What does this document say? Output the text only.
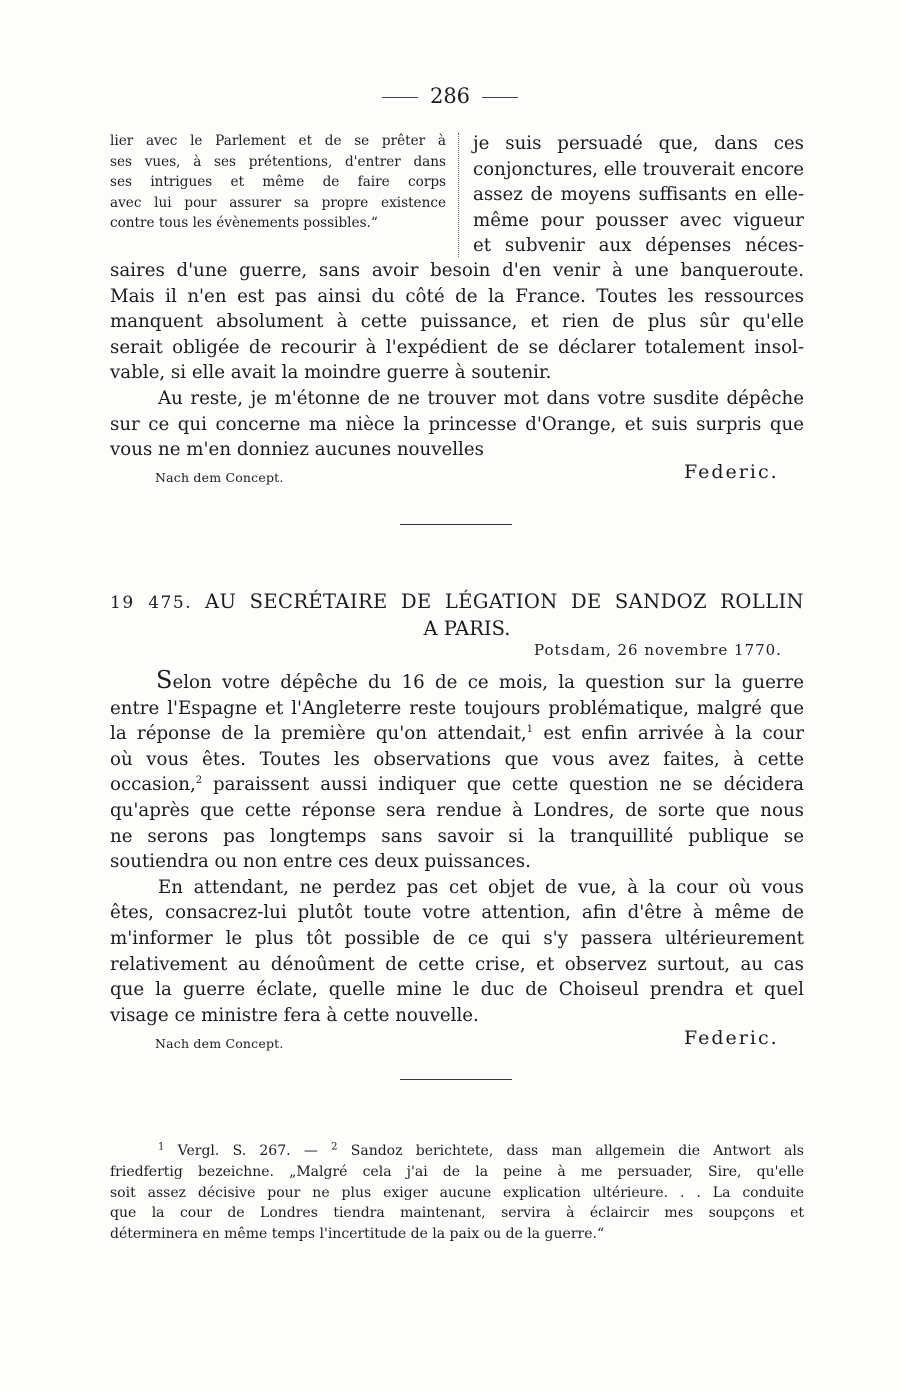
286
lier avec le Parlement et de se prêter à
ses vues, à ses prétentions, d'entrer dans
ses intrigues et même de faire corps
avec lui pour assurer sa propre existence
contre tous les évènements possibles.“
je suis persuadé que, dans ces
conjonctures, elle trouverait encore
assez de moyens suffisants en elle-
même pour pousser avec vigueur
et subvenir aux dépenses néces-
saires d'une guerre, sans avoir besoin d'en venir à une banqueroute.
Mais il n'en est pas ainsi du côté de la France. Toutes les ressources
manquent absolument à cette puissance, et rien de plus sûr qu'elle
serait obligée de recourir à l'expédient de se déclarer totalement insol-
vable, si elle avait la moindre guerre à soutenir.
Au reste, je m'étonne de ne trouver mot dans votre susdite dépêche
sur ce qui concerne ma nièce la princesse d'Orange, et suis surpris que
vous ne m'en donniez aucunes nouvelles
Nach dem Concept.	Federic.
19 475. AU SECRÉTAIRE DE LÉGATION DE SANDOZ ROLLIN
A PARIS.
Potsdam, 26 novembre 1770.
Selon votre dépêche du 16 de ce mois, la question sur la guerre
entre l'Espagne et l'Angleterre reste toujours problématique, malgré que
la réponse de la première qu'on attendait,$^1$ est enfin arrivée à la cour
où vous êtes. Toutes les observations que vous avez faites, à cette
occasion,$^2$ paraissent aussi indiquer que cette question ne se décidera
qu'après que cette réponse sera rendue à Londres, de sorte que nous
ne serons pas longtemps sans savoir si la tranquillité publique se
soutiendra ou non entre ces deux puissances.
En attendant, ne perdez pas cet objet de vue, à la cour où vous
êtes, consacrez-lui plutôt toute votre attention, afin d'être à même de
m'informer le plus tôt possible de ce qui s'y passera ultérieurement
relativement au dénoûment de cette crise, et observez surtout, au cas
que la guerre éclate, quelle mine le duc de Choiseul prendra et quel
visage ce ministre fera à cette nouvelle.
Nach dem Concept.	Federic.
$^1$ Vergl. S. 267. — $^2$ Sandoz berichtete, dass man allgemein die Antwort als
friedfertig bezeichne. „Malgré cela j'ai de la peine à me persuader, Sire, qu'elle
soit assez décisive pour ne plus exiger aucune explication ultérieure. . . La conduite
que la cour de Londres tiendra maintenant, servira à éclaircir mes soupçons et
déterminera en même temps l'incertitude de la paix ou de la guerre.“
